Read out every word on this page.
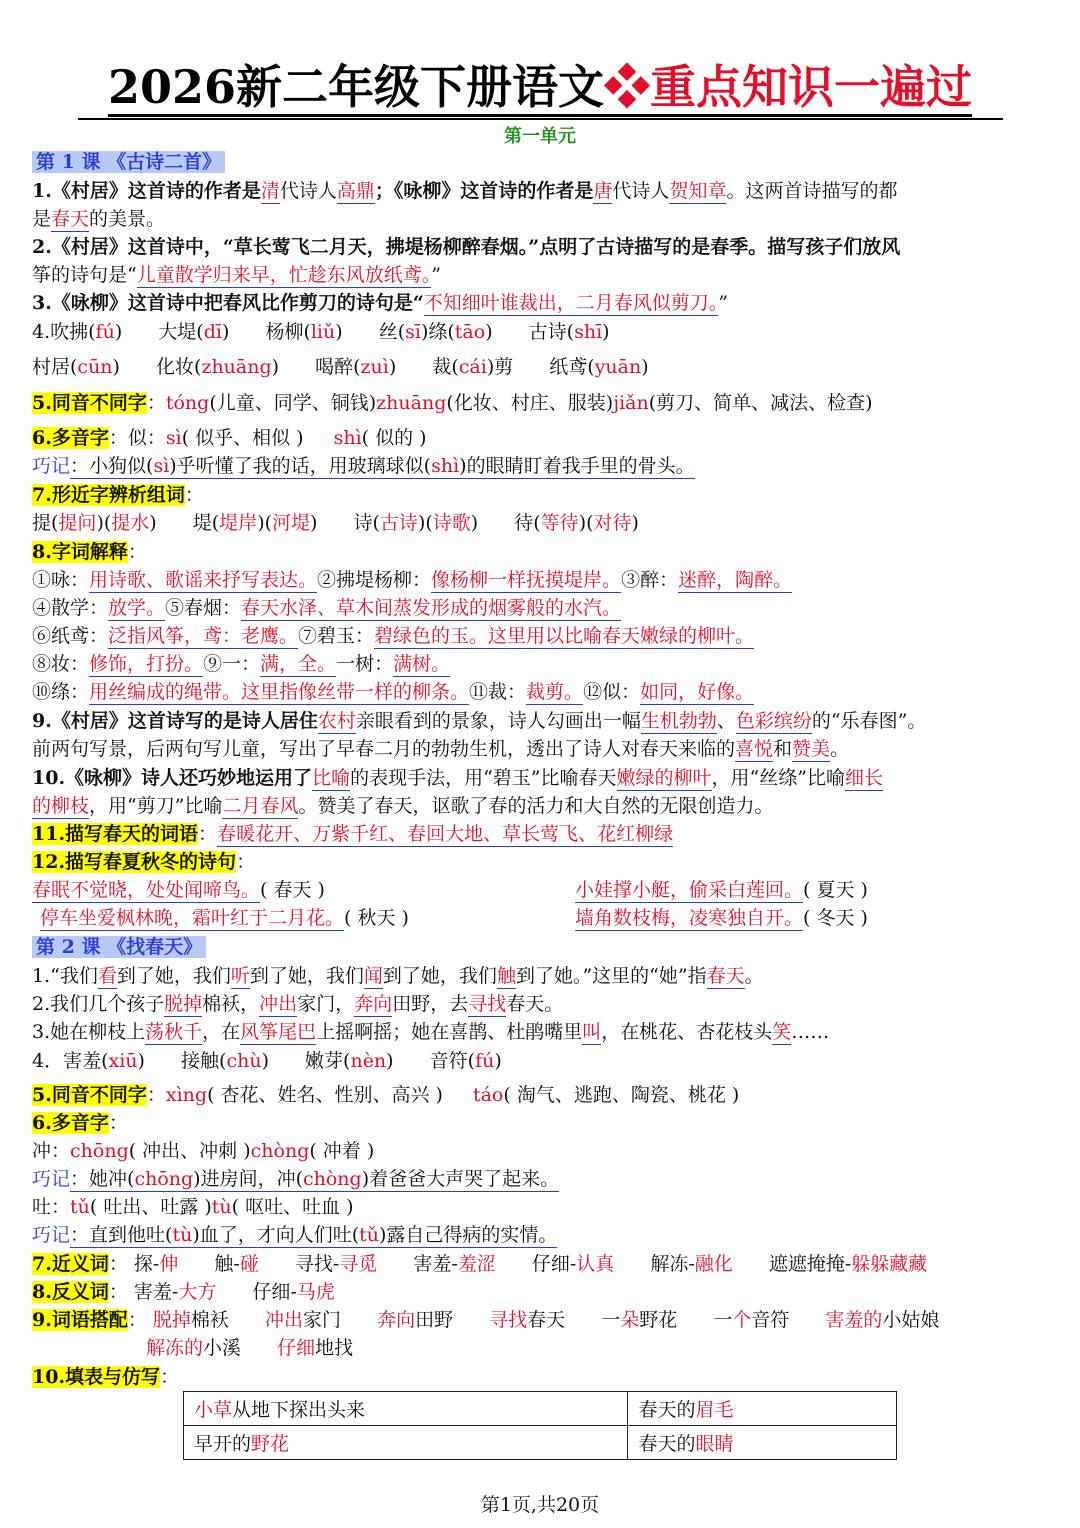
2026新二年级下册语文❖重点知识一遍过
第一单元
第 1 课 《古诗二首》
1.《村居》这首诗的作者是清代诗人高鼎；《咏柳》这首诗的作者是唐代诗人贺知章。这两首诗描写的都
是春天的美景。
2.《村居》这首诗中，“草长莺飞二月天，拂堤杨柳醉春烟。”点明了古诗描写的是春季。描写孩子们放风
筝的诗句是“儿童散学归来早，忙趁东风放纸鸢。”
3.《咏柳》这首诗中把春风比作剪刀的诗句是“不知细叶谁裁出，二月春风似剪刀。”
4.吹拂(fú) 大堤(dī) 杨柳(liǔ) 丝(sī)绦(tāo) 古诗(shī)
村居(cūn) 化妆(zhuāng) 喝醉(zuì) 裁(cái)剪 纸鸢(yuān)
5.同音不同字：tóng(儿童、同学、铜钱)zhuāng(化妆、村庄、服装)jiǎn(剪刀、简单、减法、检查)
6.多音字：似：sì( 似乎、相似 ) shì( 似的 )
巧记：小狗似(sì)乎听懂了我的话，用玻璃球似(shì)的眼睛盯着我手里的骨头。
7.形近字辨析组词：
提(提问)(提水) 堤(堤岸)(河堤) 诗(古诗)(诗歌) 待(等待)(对待)
8.字词解释：
①咏：用诗歌、歌谣来抒写表达。②拂堤杨柳：像杨柳一样抚摸堤岸。③醉：迷醉，陶醉。
④散学：放学。⑤春烟：春天水泽、草木间蒸发形成的烟雾般的水汽。
⑥纸鸢：泛指风筝，鸢：老鹰。⑦碧玉：碧绿色的玉。这里用以比喻春天嫩绿的柳叶。
⑧妆：修饰，打扮。⑨一：满，全。一树：满树。
⑩绦：用丝编成的绳带。这里指像丝带一样的柳条。⑪裁：裁剪。⑫似：如同，好像。
9.《村居》这首诗写的是诗人居住农村亲眼看到的景象，诗人勾画出一幅生机勃勃、色彩缤纷的“乐春图”。
前两句写景，后两句写儿童，写出了早春二月的勃勃生机，透出了诗人对春天来临的喜悦和赞美。
10.《咏柳》诗人还巧妙地运用了比喻的表现手法，用“碧玉”比喻春天嫩绿的柳叶，用“丝绦”比喻细长
的柳枝，用“剪刀”比喻二月春风。赞美了春天，讴歌了春的活力和大自然的无限创造力。
11.描写春天的词语：春暖花开、万紫千红、春回大地、草长莺飞、花红柳绿
12.描写春夏秋冬的诗句：
春眠不觉晓，处处闻啼鸟。( 春天 )	小娃撑小艇，偷采白莲回。( 夏天 )
停车坐爱枫林晚，霜叶红于二月花。( 秋天 )	墙角数枝梅，凌寒独自开。( 冬天 )
第 2 课 《找春天》
1.“我们看到了她，我们听到了她，我们闻到了她，我们触到了她。”这里的“她”指春天。
2.我们几个孩子脱掉棉袄，冲出家门，奔向田野，去寻找春天。
3.她在柳枝上荡秋千，在风筝尾巴上摇啊摇；她在喜鹊、杜鹃嘴里叫，在桃花、杏花枝头笑……
4．害羞(xiū) 接触(chù) 嫩芽(nèn) 音符(fú)
5.同音不同字：xìng( 杏花、姓名、性别、高兴 ) táo( 淘气、逃跑、陶瓷、桃花 )
6.多音字：
冲：chōng( 冲出、冲刺 )chòng( 冲着 )
巧记：她冲(chōng)进房间，冲(chòng)着爸爸大声哭了起来。
吐：tǔ( 吐出、吐露 )tù( 呕吐、吐血 )
巧记：直到他吐(tù)血了，才向人们吐(tǔ)露自己得病的实情。
7.近义词： 探-伸 触-碰 寻找-寻觅 害羞-羞涩 仔细-认真 解冻-融化 遮遮掩掩-躲躲藏藏
8.反义词： 害羞-大方 仔细-马虎
9.词语搭配： 脱掉棉袄 冲出家门 奔向田野 寻找春天 一朵野花 一个音符 害羞的小姑娘
解冻的小溪 仔细地找
10.填表与仿写：
小草从地下探出头来	春天的眉毛
早开的野花	春天的眼睛
第1页,共20页
